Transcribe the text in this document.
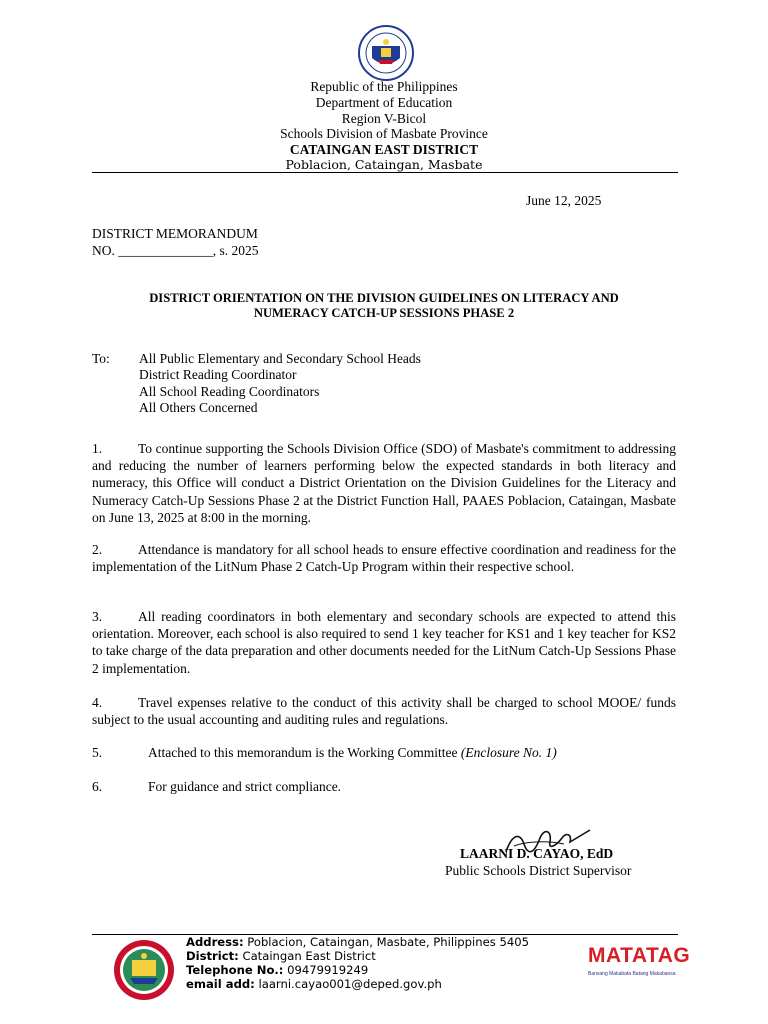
Republic of the Philippines
Department of Education
Region V-Bicol
Schools Division of Masbate Province
CATAINGAN EAST DISTRICT
Poblacion, Cataingan, Masbate
June 12, 2025
DISTRICT MEMORANDUM
NO. ______________, s. 2025
DISTRICT ORIENTATION ON THE DIVISION GUIDELINES ON LITERACY AND
NUMERACY CATCH-UP SESSIONS PHASE 2
To: All Public Elementary and Secondary School Heads
District Reading Coordinator
All School Reading Coordinators
All Others Concerned
1.	To continue supporting the Schools Division Office (SDO) of Masbate's commitment to addressing and reducing the number of learners performing below the expected standards in both literacy and numeracy, this Office will conduct a District Orientation on the Division Guidelines for the Literacy and Numeracy Catch-Up Sessions Phase 2 at the District Function Hall, PAAES Poblacion, Cataingan, Masbate on June 13, 2025 at 8:00 in the morning.
2.	Attendance is mandatory for all school heads to ensure effective coordination and readiness for the implementation of the LitNum Phase 2 Catch-Up Program within their respective school.
3.	All reading coordinators in both elementary and secondary schools are expected to attend this orientation. Moreover, each school is also required to send 1 key teacher for KS1 and 1 key teacher for KS2 to take charge of the data preparation and other documents needed for the LitNum Catch-Up Sessions Phase 2 implementation.
4.	Travel expenses relative to the conduct of this activity shall be charged to school MOOE/ funds subject to the usual accounting and auditing rules and regulations.
5.	Attached to this memorandum is the Working Committee (Enclosure No. 1)
6.	For guidance and strict compliance.
LAARNI D. CAYAO, EdD
Public Schools District Supervisor
Address: Poblacion, Cataingan, Masbate, Philippines 5405
District: Cataingan East District
Telephone No.: 09479919249
email add: laarni.cayao001@deped.gov.ph
MATATAG
Bansang Makabata Batang Makabansa
